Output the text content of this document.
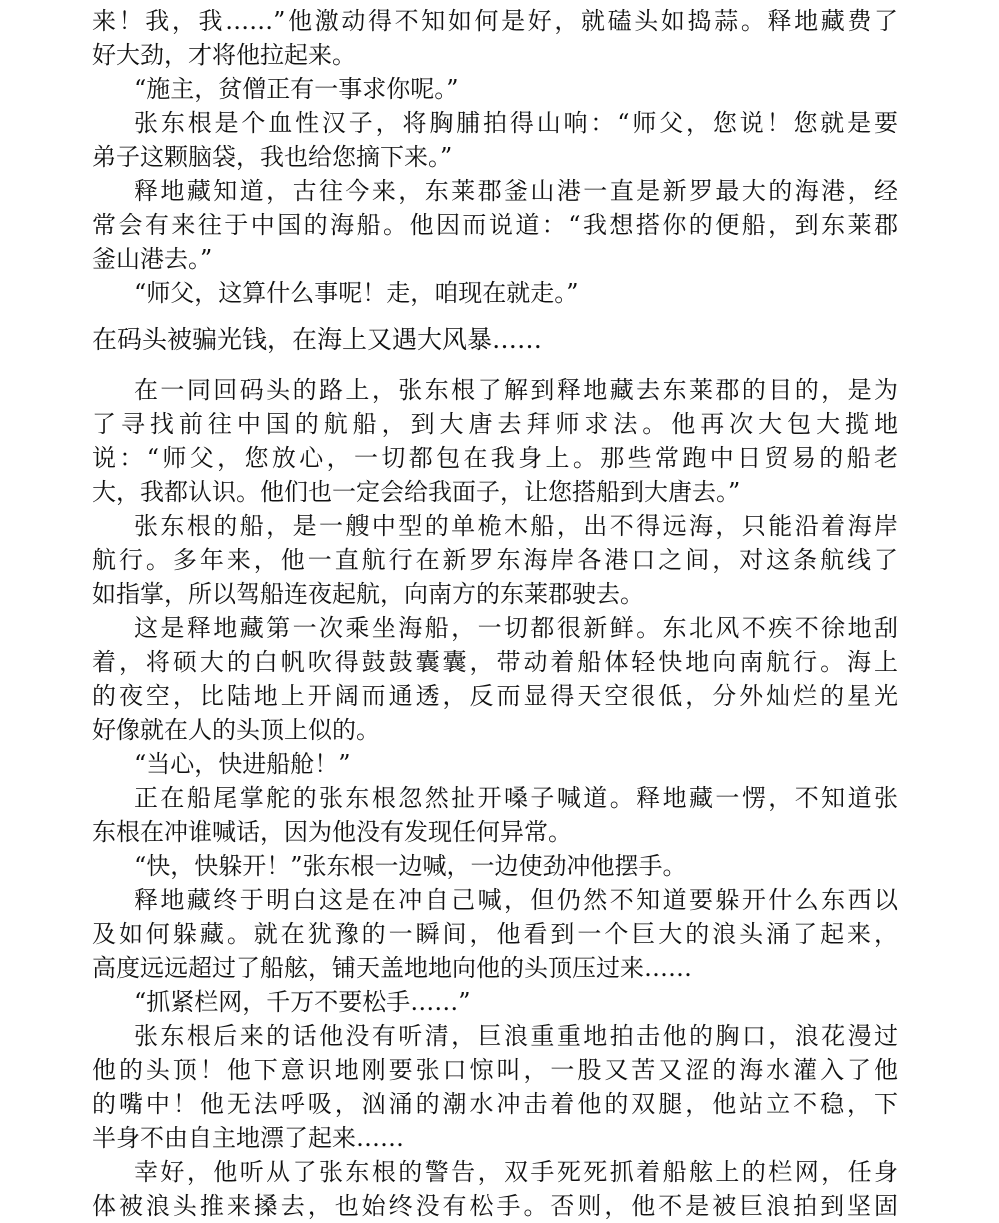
来！我，我……”他激动得不知如何是好，就磕头如捣蒜。释地藏费了
好大劲，才将他拉起来。
“施主，贫僧正有一事求你呢。”
张东根是个血性汉子，将胸脯拍得山响：“师父，您说！您就是要
弟子这颗脑袋，我也给您摘下来。”
释地藏知道，古往今来，东莱郡釜山港一直是新罗最大的海港，经
常会有来往于中国的海船。他因而说道：“我想搭你的便船，到东莱郡
釜山港去。”
“师父，这算什么事呢！走，咱现在就走。”
在码头被骗光钱，在海上又遇大风暴……
在一同回码头的路上，张东根了解到释地藏去东莱郡的目的，是为
了寻找前往中国的航船，到大唐去拜师求法。他再次大包大揽地
说：“师父，您放心，一切都包在我身上。那些常跑中日贸易的船老
大，我都认识。他们也一定会给我面子，让您搭船到大唐去。”
张东根的船，是一艘中型的单桅木船，出不得远海，只能沿着海岸
航行。多年来，他一直航行在新罗东海岸各港口之间，对这条航线了
如指掌，所以驾船连夜起航，向南方的东莱郡驶去。
这是释地藏第一次乘坐海船，一切都很新鲜。东北风不疾不徐地刮
着，将硕大的白帆吹得鼓鼓囊囊，带动着船体轻快地向南航行。海上
的夜空，比陆地上开阔而通透，反而显得天空很低，分外灿烂的星光
好像就在人的头顶上似的。
“当心，快进船舱！”
正在船尾掌舵的张东根忽然扯开嗓子喊道。释地藏一愣，不知道张
东根在冲谁喊话，因为他没有发现任何异常。
“快，快躲开！”张东根一边喊，一边使劲冲他摆手。
释地藏终于明白这是在冲自己喊，但仍然不知道要躲开什么东西以
及如何躲藏。就在犹豫的一瞬间，他看到一个巨大的浪头涌了起来，
高度远远超过了船舷，铺天盖地地向他的头顶压过来……
“抓紧栏网，千万不要松手……”
张东根后来的话他没有听清，巨浪重重地拍击他的胸口，浪花漫过
他的头顶！他下意识地刚要张口惊叫，一股又苦又涩的海水灌入了他
的嘴中！他无法呼吸，汹涌的潮水冲击着他的双腿，他站立不稳，下
半身不由自主地漂了起来……
幸好，他听从了张东根的警告，双手死死抓着船舷上的栏网，任身
体被浪头推来搡去，也始终没有松手。否则，他不是被巨浪拍到坚固
